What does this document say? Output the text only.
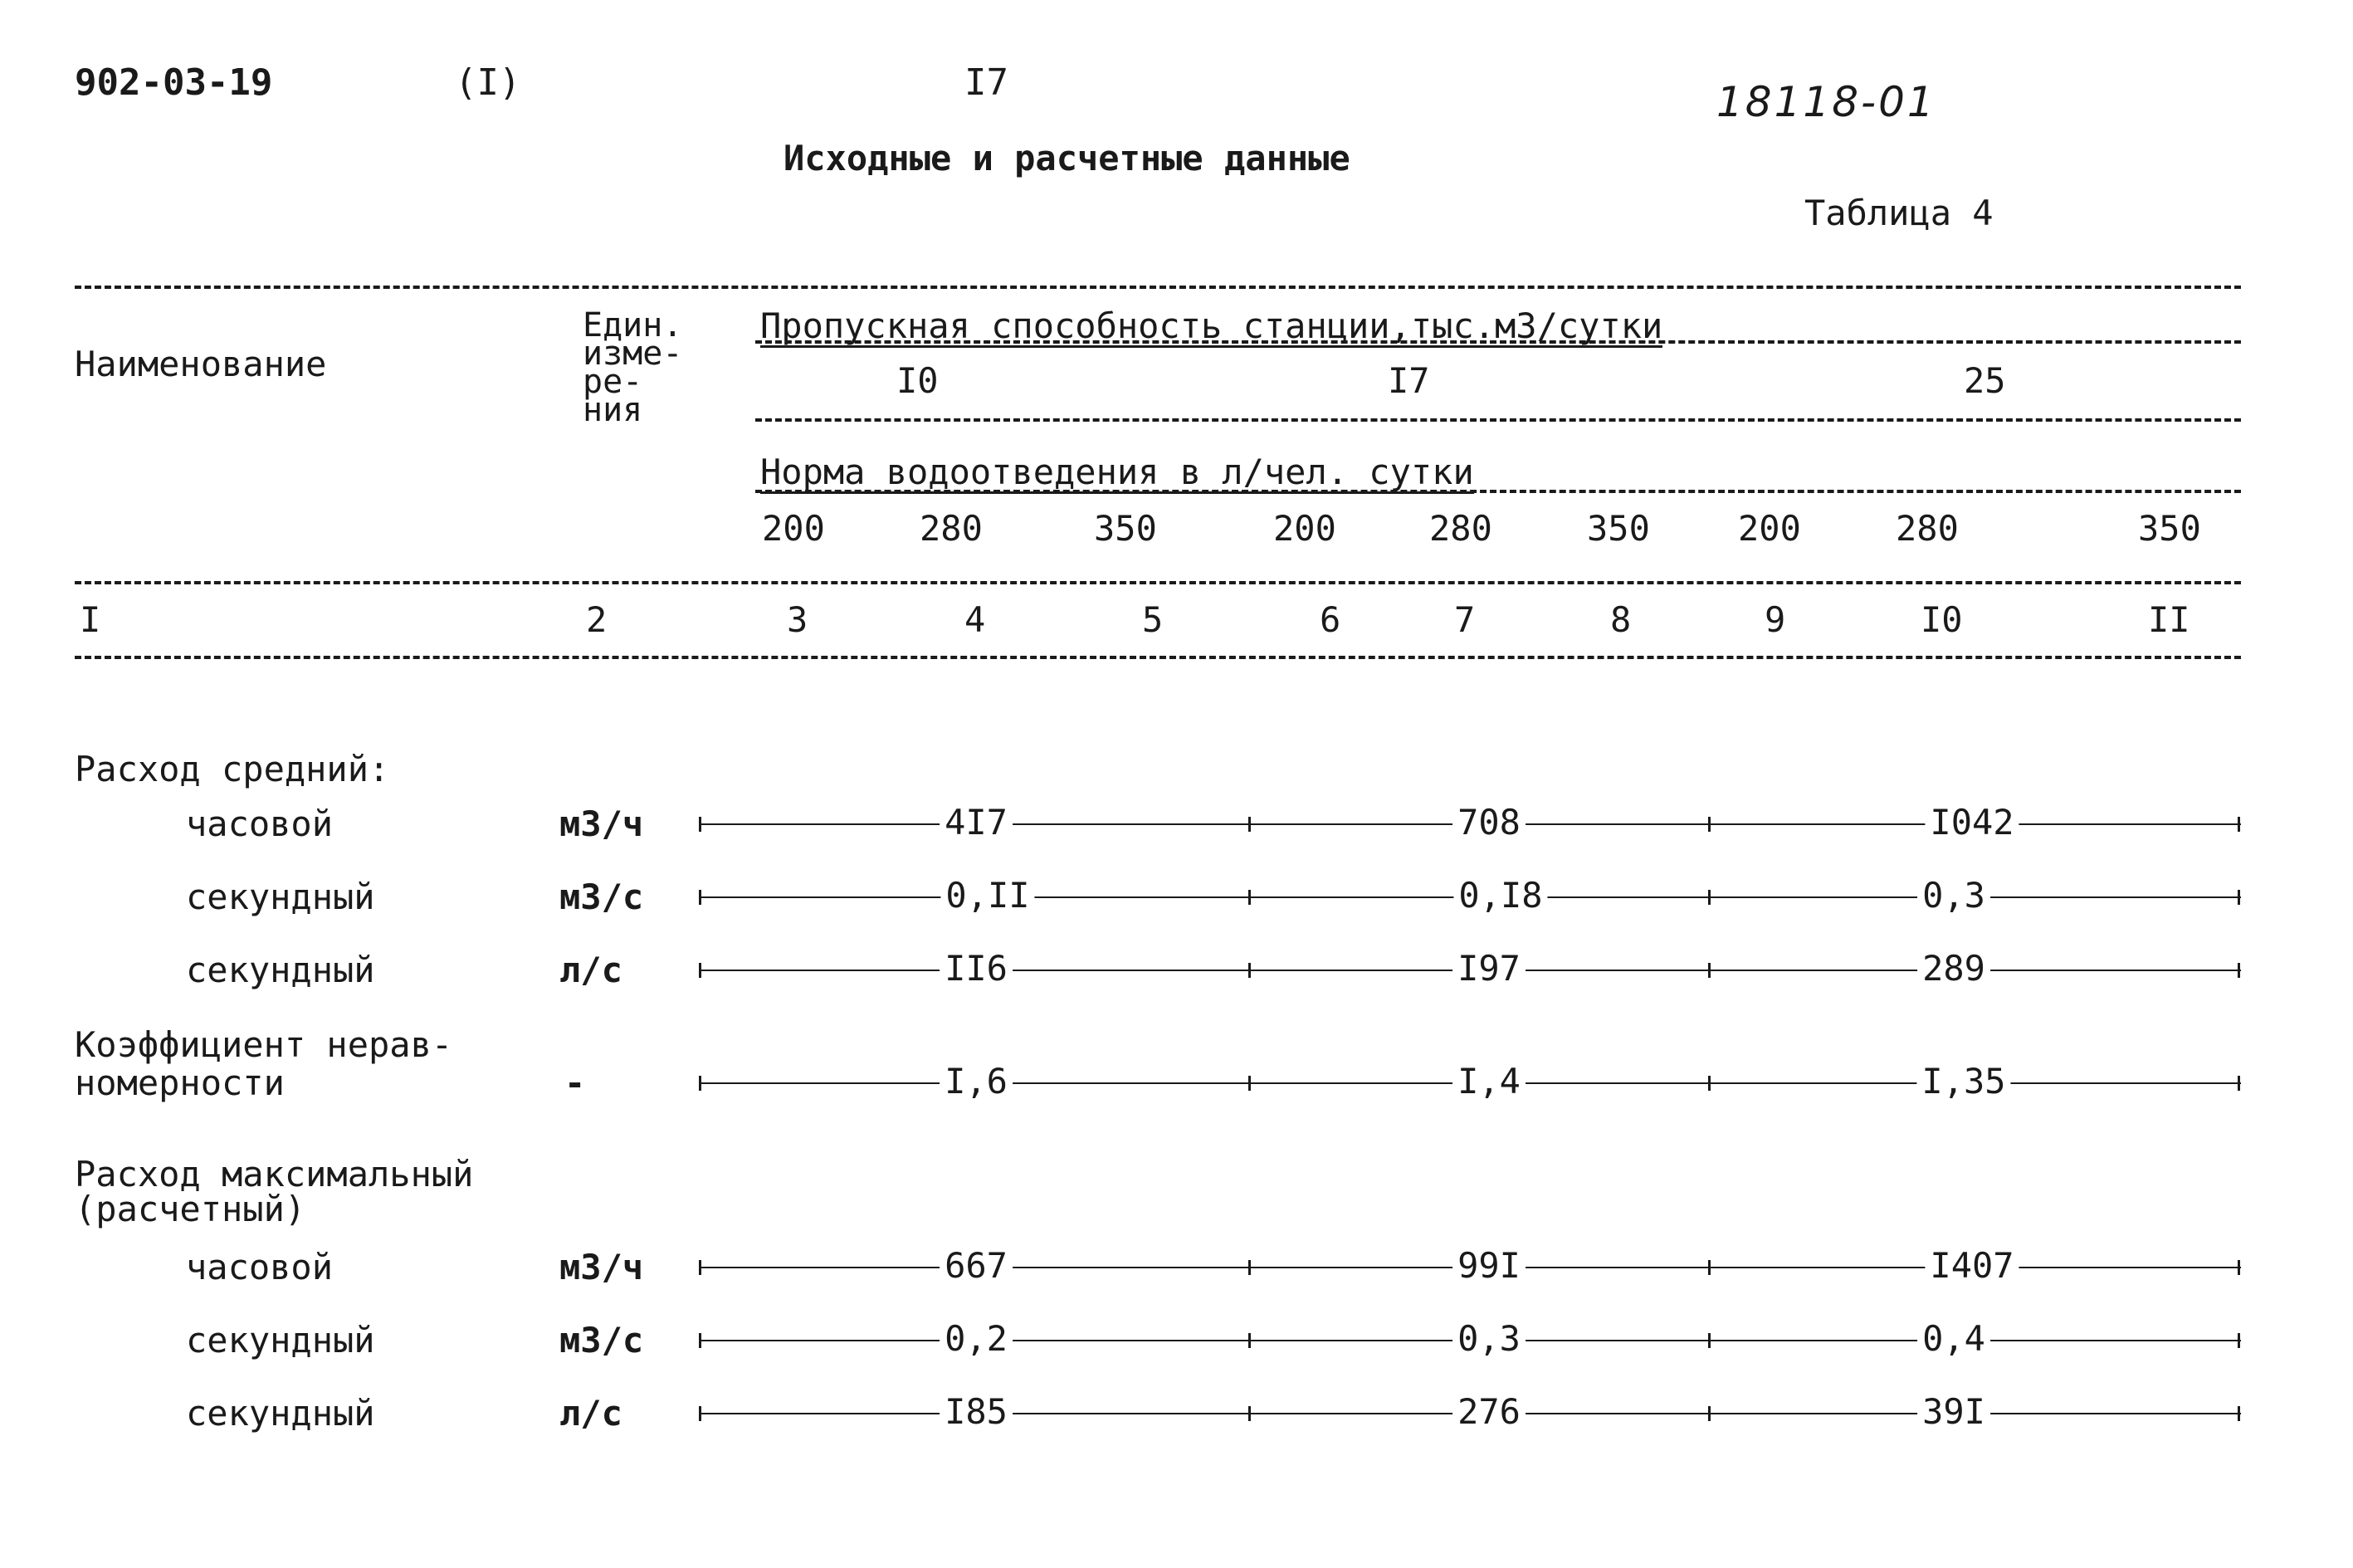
902-03-19	(I)	I7	18118-01
Исходные и расчетные данные
Таблица 4
Наименование
Един.
изме-
ре-
ния
Пропускная способность станции,тыс.м3/сутки
I0	I7	25
Норма водоотведения в л/чел. сутки
200	280	350	200	280	350	200	280	350
I	2	3	4	5	6	7	8	9	I0	II
Расход средний:
часовой	м3/ч	4I7	708	I042
секундный	м3/с	0,II	0,I8	0,3
секундный	л/с	II6	I97	289
Коэффициент нерав-
номерности	-	I,6	I,4	I,35
Расход максимальный
(расчетный)
часовой	м3/ч	667	99I	I407
секундный	м3/с	0,2	0,3	0,4
секундный	л/с	I85	276	39I
